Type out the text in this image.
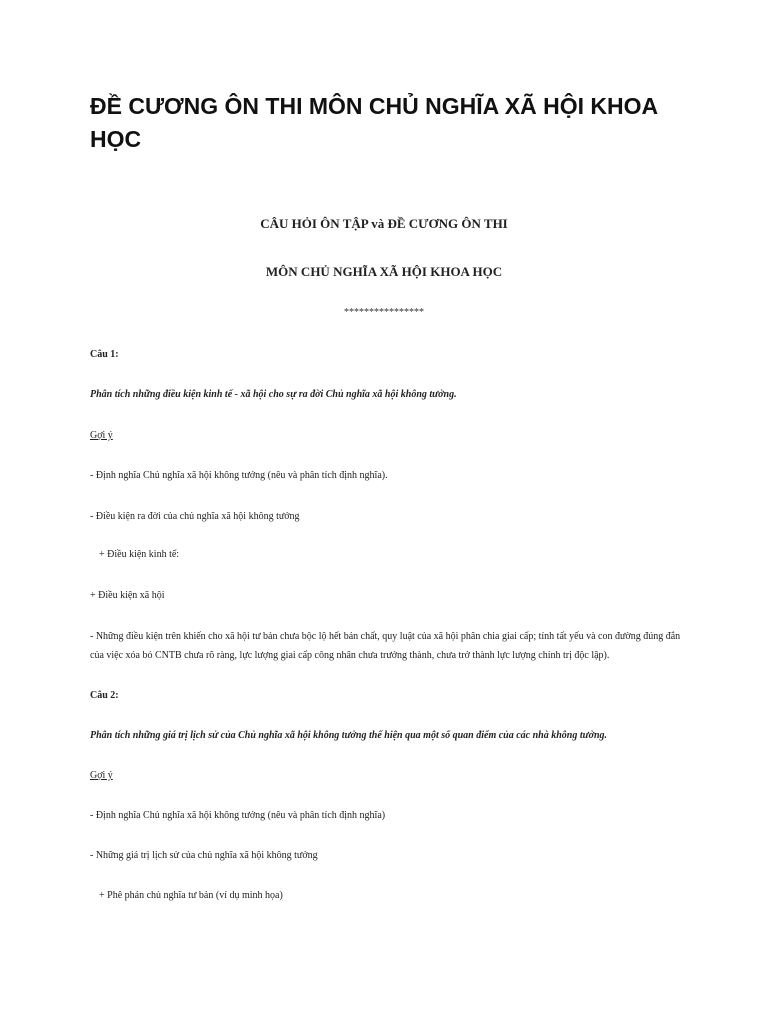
ĐỀ CƯƠNG ÔN THI MÔN CHỦ NGHĨA XÃ HỘI KHOA HỌC

CÂU HỎI ÔN TẬP và ĐỀ CƯƠNG ÔN THI

MÔN CHỦ NGHĨA XÃ HỘI KHOA HỌC

****************

Câu 1:

Phân tích những điều kiện kinh tế - xã hội cho sự ra đời Chủ nghĩa xã hội không tưởng.

Gợi ý

- Định nghĩa Chủ nghĩa xã hội không tưởng (nêu và phân tích định nghĩa).

- Điều kiện ra đời của chủ nghĩa xã hội không tưởng

+ Điều kiện kinh tế:

+ Điều kiện xã hội

- Những điều kiện trên khiến cho xã hội tư bản chưa bộc lộ hết bản chất, quy luật của xã hội phân chia giai cấp; tính tất yếu và con đường đúng đắn của việc xóa bỏ CNTB chưa rõ ràng, lực lượng giai cấp công nhân chưa trưởng thành, chưa trở thành lực lượng chính trị độc lập).

Câu 2:

Phân tích những giá trị lịch sử của Chủ nghĩa xã hội không tưởng thể hiện qua một số quan điểm của các nhà không tưởng.

Gợi ý

- Định nghĩa Chủ nghĩa xã hội không tưởng (nêu và phân tích định nghĩa)

- Những giá trị lịch sử của chủ nghĩa xã hội không tưởng

+ Phê phán chủ nghĩa tư bản (ví dụ minh họa)
